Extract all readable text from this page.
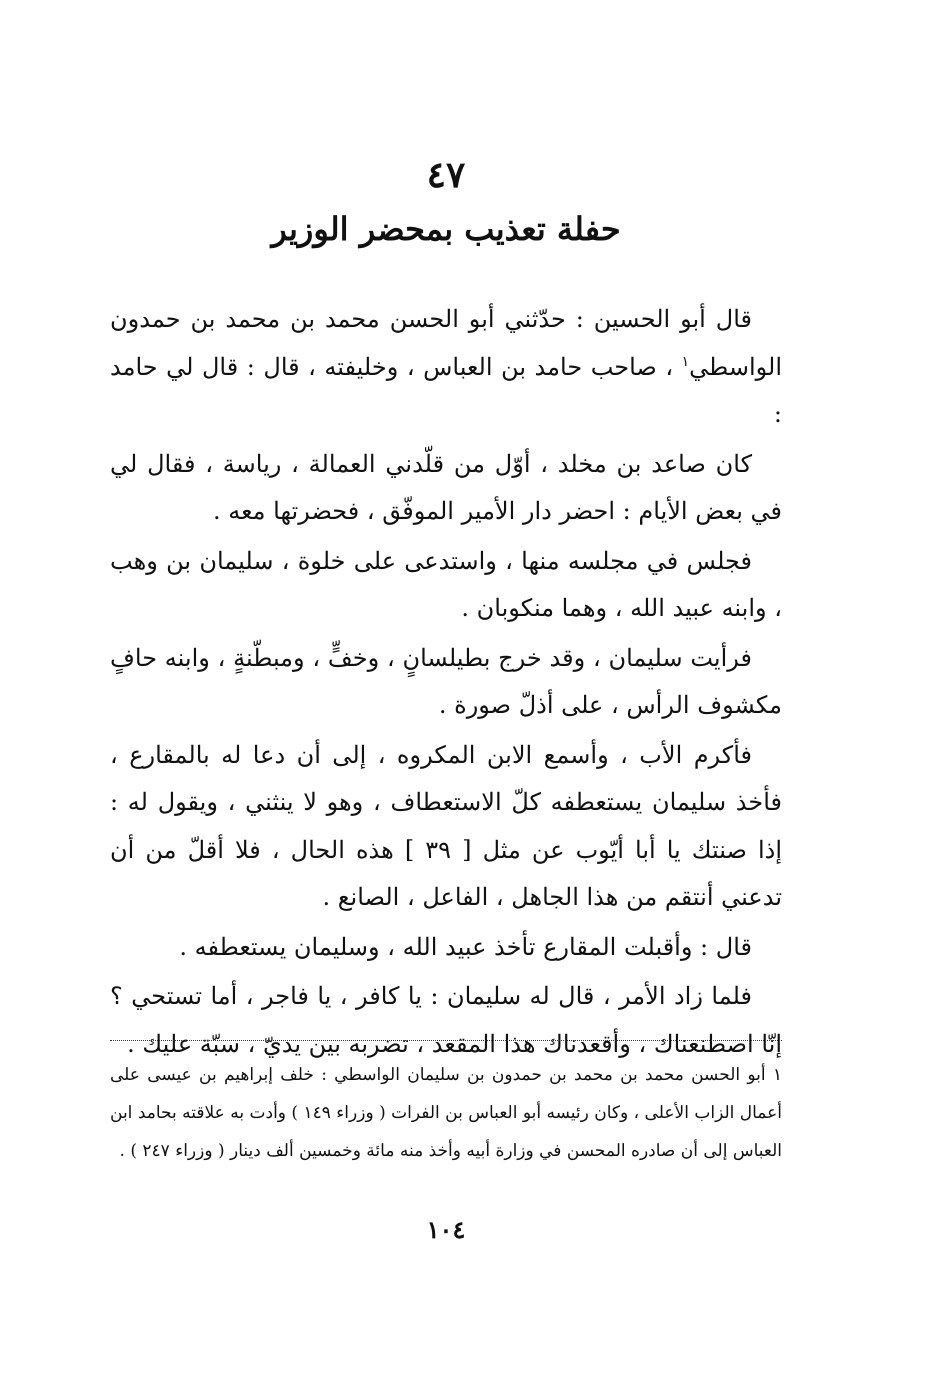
٤٧
حفلة تعذيب بمحضر الوزير

قال أبو الحسين : حدّثني أبو الحسن محمد بن محمد بن حمدون الواسطي$^١$ ، صاحب حامد بن العباس ، وخليفته ، قال : قال لي حامد :

كان صاعد بن مخلد ، أوّل من قلّدني العمالة ، رياسة ، فقال لي في بعض الأيام : احضر دار الأمير الموفّق ، فحضرتها معه .

فجلس في مجلسه منها ، واستدعى على خلوة ، سليمان بن وهب ، وابنه عبيد الله ، وهما منكوبان .

فرأيت سليمان ، وقد خرج بطيلسانٍ ، وخفٍّ ، ومبطّنةٍ ، وابنه حافٍ مكشوف الرأس ، على أذلّ صورة .

فأكرم الأب ، وأسمع الابن المكروه ، إلى أن دعا له بالمقارع ، فأخذ سليمان يستعطفه كلّ الاستعطاف ، وهو لا ينثني ، ويقول له : إذا صنتك يا أبا أيّوب عن مثل [ ٣٩ ] هذه الحال ، فلا أقلّ من أن تدعني أنتقم من هذا الجاهل ، الفاعل ، الصانع .

قال : وأقبلت المقارع تأخذ عبيد الله ، وسليمان يستعطفه .

فلما زاد الأمر ، قال له سليمان : يا كافر ، يا فاجر ، أما تستحي ؟ إنّا اصطنعناك ، وأقعدناك هذا المقعد ، تضربه بين يديّ ، سبّة عليك .

١ أبو الحسن محمد بن محمد بن حمدون بن سليمان الواسطي : خلف إبراهيم بن عيسى على أعمال الزاب الأعلى ، وكان رئيسه أبو العباس بن الفرات ( وزراء ١٤٩ ) وأدت به علاقته بحامد ابن العباس إلى أن صادره المحسن في وزارة أبيه وأخذ منه مائة وخمسين ألف دينار ( وزراء ٢٤٧ ) .
١٠٤
